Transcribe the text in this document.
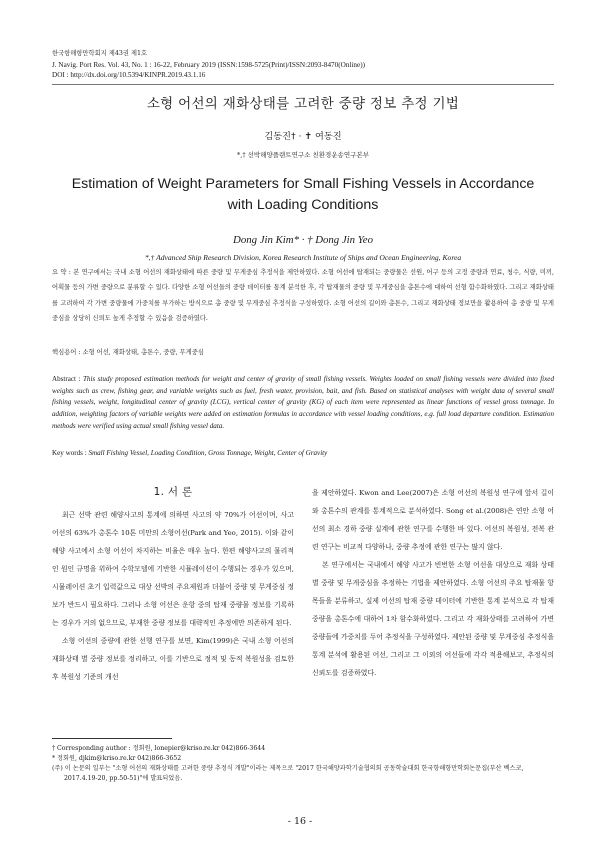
한국항해항만학회지 제43권 제1호
J. Navig. Port Res. Vol. 43, No. 1 : 16-22, February 2019 (ISSN:1598-5725(Print)/ISSN:2093-8470(Online))
DOI : http://dx.doi.org/10.5394/KINPR.2019.43.1.16
소형 어선의 재화상태를 고려한 중량 정보 추정 기법
김동진† · ✝ 여동진
*,† 선박해양플랜트연구소 친환경운송연구본부
Estimation of Weight Parameters for Small Fishing Vessels in Accordance with Loading Conditions
Dong Jin Kim* · † Dong Jin Yeo
*,† Advanced Ship Research Division, Korea Research Institute of Ships and Ocean Engineering, Korea
요 약 : 본 연구에서는 국내 소형 어선의 재화상태에 따른 중량 및 무게중심 추정식을 제안하였다. 소형 어선에 탑재되는 중량물은 선원, 어구 등의 고정 중량과 연료, 청수, 식량, 미끼, 어획물 등의 가변 중량으로 분류할 수 있다. 다양한 소형 어선들의 중량 데이터를 통계 분석한 후, 각 탑재물의 중량 및 무게중심을 총톤수에 대하여 선형 함수화하였다. 그리고 재화상태를 고려하여 각 가변 중량물에 가중치를 부가하는 방식으로 총 중량 및 무게중심 추정식을 구성하였다. 소형 어선의 길이와 총톤수, 그리고 재화상태 정보만을 활용하여 총 중량 및 무게중심을 상당히 신뢰도 높게 추정할 수 있음을 검증하였다.
핵심용어 : 소형 어선, 재화상태, 총톤수, 중량, 무게중심
Abstract : This study proposed estimation methods for weight and center of gravity of small fishing vessels. Weights loaded on small fishing vessels were divided into fixed weights such as crew, fishing gear, and variable weights such as fuel, fresh water, provision, bait, and fish. Based on statistical analyses with weight data of several small fishing vessels, weight, longitudinal center of gravity (LCG), vertical center of gravity (KG) of each item were represented as linear functions of vessel gross tonnage. In addition, weighting factors of variable weights were added on estimation formulas in accordance with vessel loading conditions, e.g. full load departure condition. Estimation methods were verified using actual small fishing vessel data.
Key words : Small Fishing Vessel, Loading Condition, Gross Tonnage, Weight, Center of Gravity
1. 서 론

최근 선박 관련 해양사고의 통계에 의하면 사고의 약 70%가 어선이며, 사고 어선의 63%가 총톤수 10톤 미만의 소형어선(Park and Yeo, 2015). 이와 같이 해양 사고에서 소형 어선이 차지하는 비율은 매우 높다. 한편 해양사고의 물리적인 원인 규명을 위하여 수학모델에 기반한 시뮬레이션이 수행되는 경우가 있으며, 시뮬레이션 초기 입력값으로 대상 선박의 주요제원과 더불어 중량 및 무게중심 정보가 반드시 필요하다. 그러나 소형 어선은 운항 중의 탑재 중량물 정보를 기록하는 경우가 거의 없으므로, 부재한 중량 정보를 대략적인 추정에만 의존하게 된다.

소형 어선의 중량에 관한 선행 연구를 보면, Kim(1999)은 국내 소형 어선의 재화상태 별 중량 정보를 정리하고, 이를 기반으로 정적 및 동적 복원성을 검토한 후 복원성 기준의 개선

을 제안하였다. Kwon and Lee(2007)은 소형 어선의 복원성 연구에 앞서 길이와 총톤수의 관계를 통계적으로 분석하였다. Song et al.(2008)은 연안 소형 어선의 최소 경하 중량 실계에 관한 연구를 수행한 바 있다. 어선의 복원성, 전복 관련 연구는 비교적 다양하나, 중량 추정에 관한 연구는 많지 않다.

본 연구에서는 국내에서 해양 사고가 빈번한 소형 어선을 대상으로 재화 상태 별 중량 및 무게중심을 추정하는 기법을 제안하였다. 소형 어선의 주요 탑재물 항목들을 분류하고, 실제 어선의 탑재 중량 데이터에 기반한 통계 분석으로 각 탑재 중량을 총톤수에 대하여 1차 함수화하였다. 그리고 각 재화상태를 고려하여 가변 중량들에 가중치를 두어 추정식을 구성하였다. 제안된 중량 및 무게중심 추정식을 통계 분석에 활용된 어선, 그리고 그 이외의 어선들에 각각 적용해보고, 추정식의 신뢰도를 검증하였다.

† Corresponding author : 정회원, lonepier@kriso.re.kr 042)866-3644
* 정회원, djkim@kriso.re.kr 042)866-3652
(주) 이 논문의 일부는 "소형 어선의 재화상태를 고려한 중량 추정식 개발"이라는 제목으로 "2017 한국해양과학기술협의회 공동학술대회 한국항해항만학회논문집(부산 벡스코, 2017.4.19-20, pp.50-51)"에 발표되었음.
- 16 -
